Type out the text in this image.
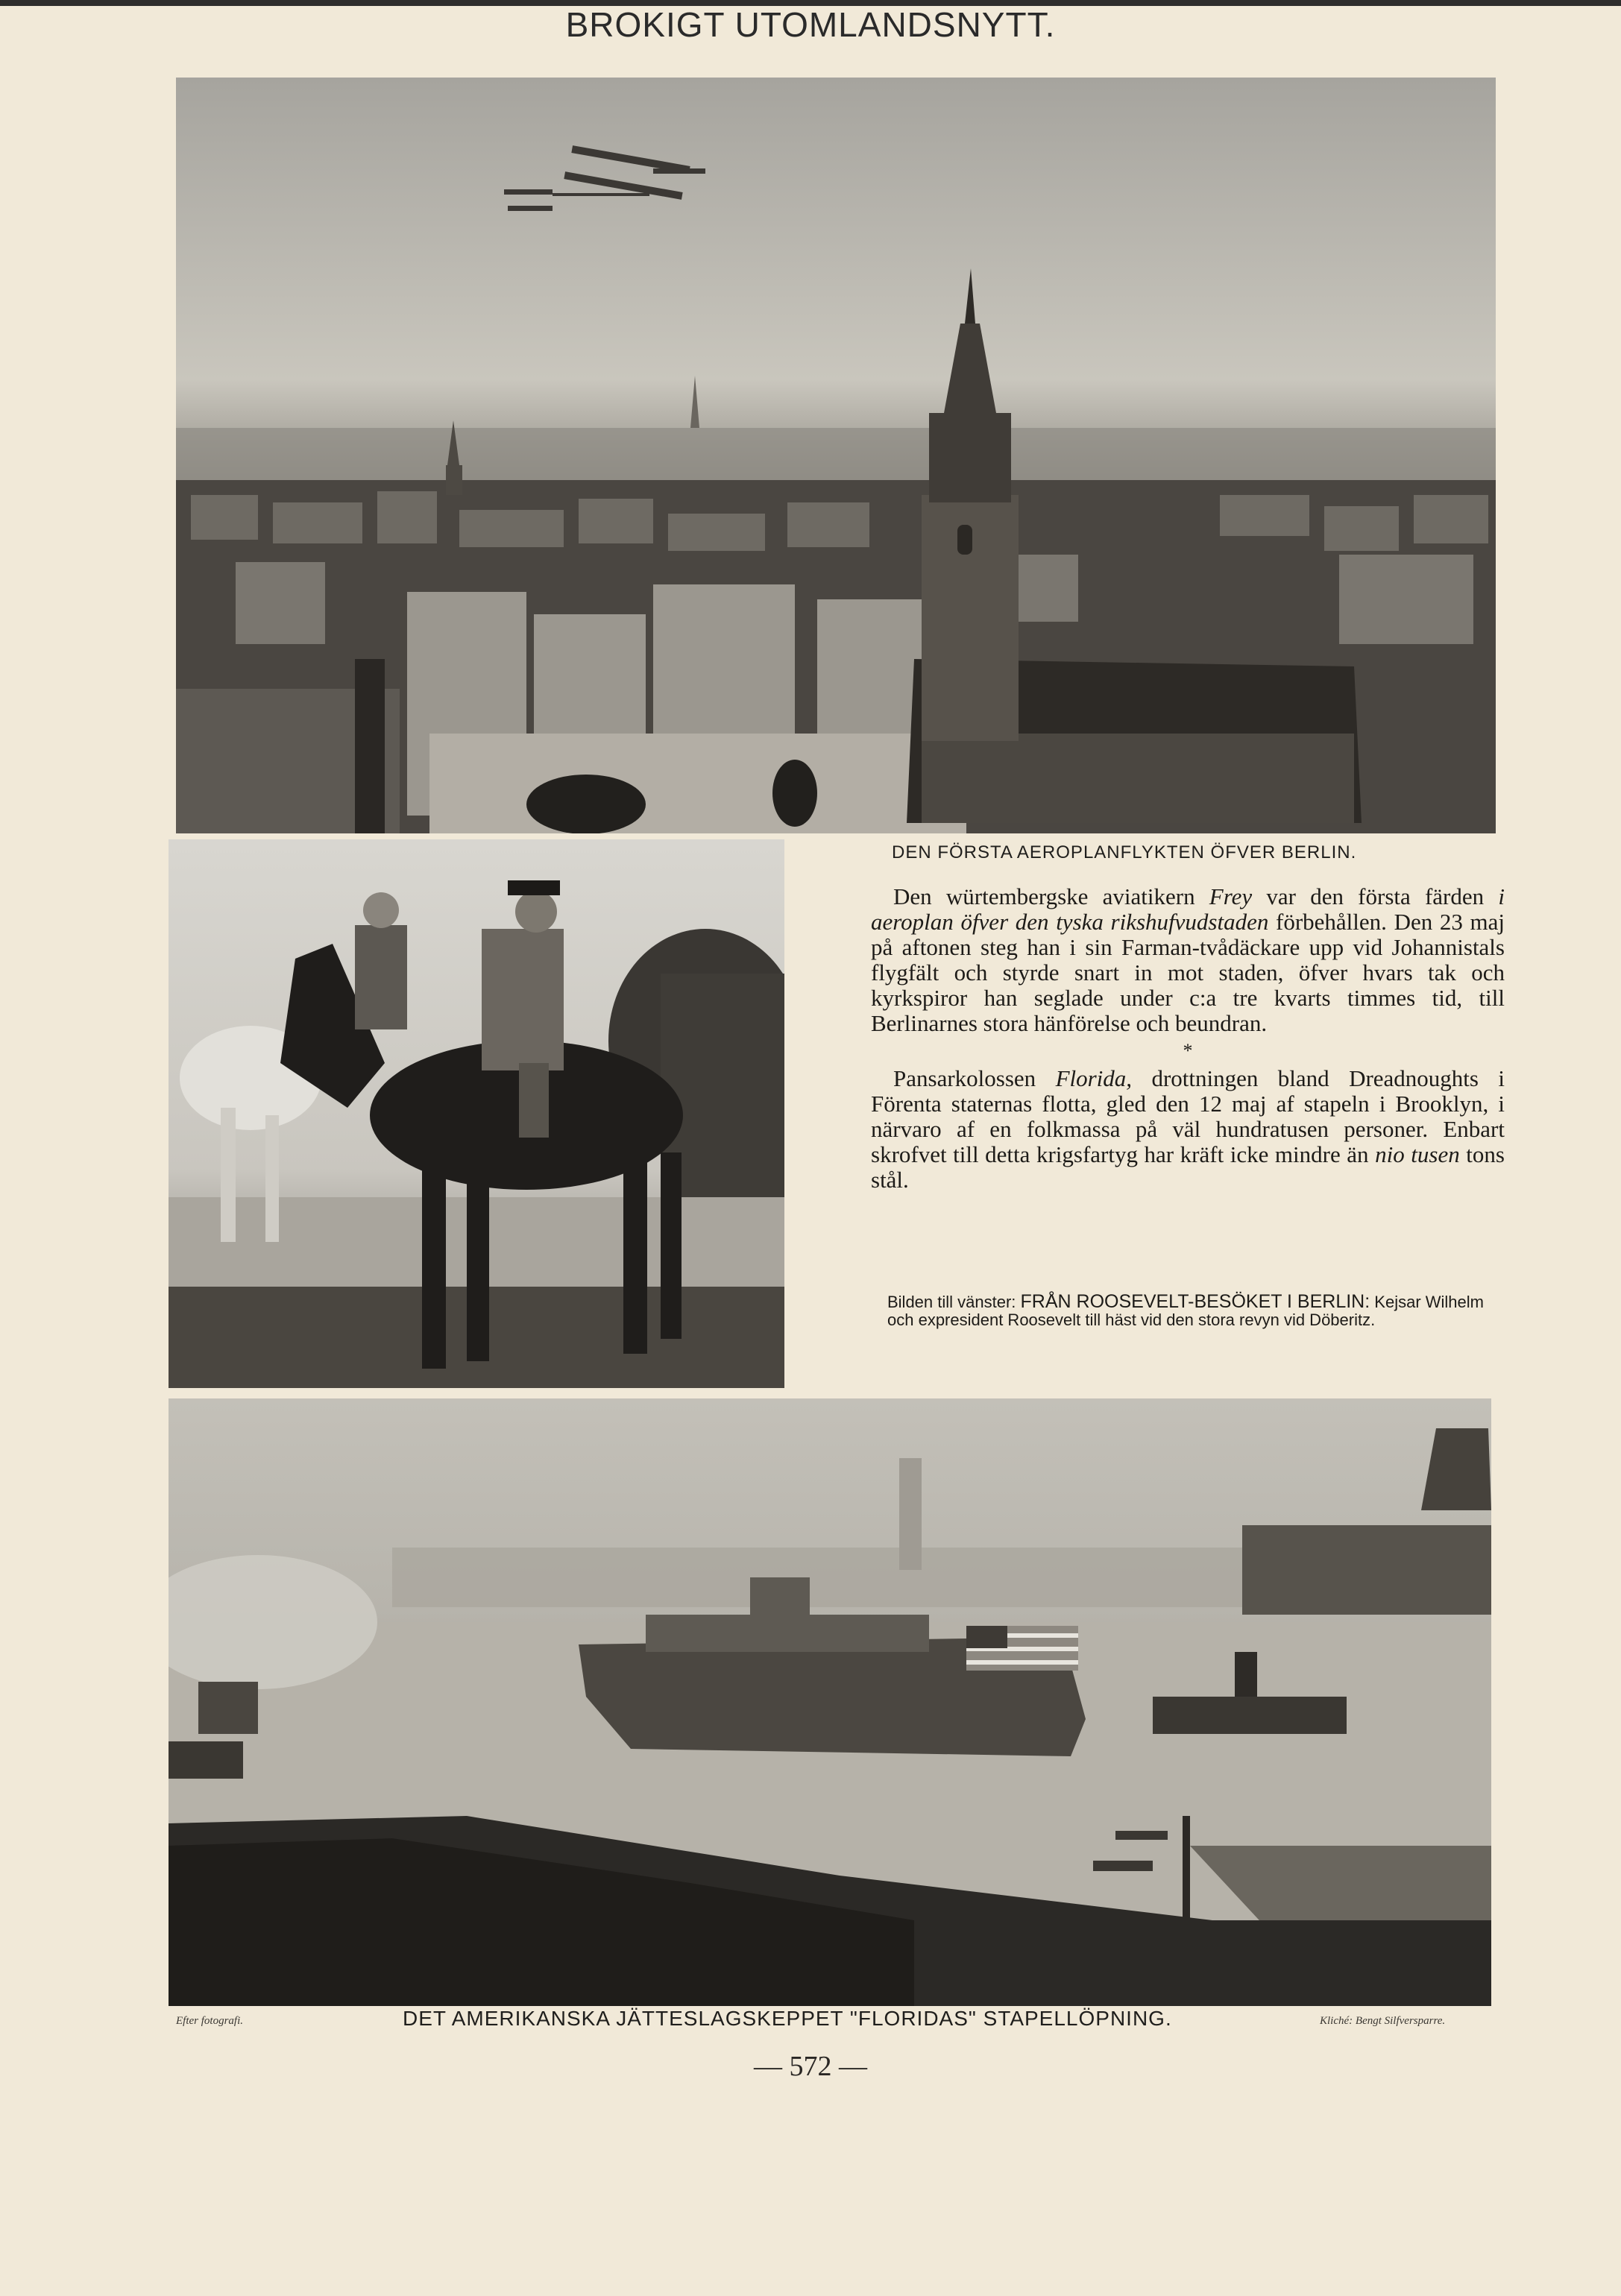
BROKIGT UTOMLANDSNYTT.
DEN FÖRSTA AEROPLANFLYKTEN ÖFVER BERLIN.

Den würtembergske aviatikern Frey var den första färden i aeroplan öfver den tyska rikshufvudstaden förbehållen. Den 23 maj på aftonen steg han i sin Farman-tvådäckare upp vid Johannistals flygfält och styrde snart in mot staden, öfver hvars tak och kyrkspiror han seglade under c:a tre kvarts timmes tid, till Berlinarnes stora hänförelse och beundran.

*

Pansarkolossen Florida, drottningen bland Dreadnoughts i Förenta staternas flotta, gled den 12 maj af stapeln i Brooklyn, i närvaro af en folkmassa på väl hundratusen personer. Enbart skrofvet till detta krigsfartyg har kräft icke mindre än nio tusen tons stål.

Bilden till vänster: FRÅN ROOSEVELT-BESÖKET I BERLIN: Kejsar Wilhelm och expresident Roosevelt till häst vid den stora revyn vid Döberitz.
Efter fotografi.	DET AMERIKANSKA JÄTTESLAGSKEPPET "FLORIDAS" STAPELLÖPNING.	Kliché: Bengt Silfversparre.
— 572 —
